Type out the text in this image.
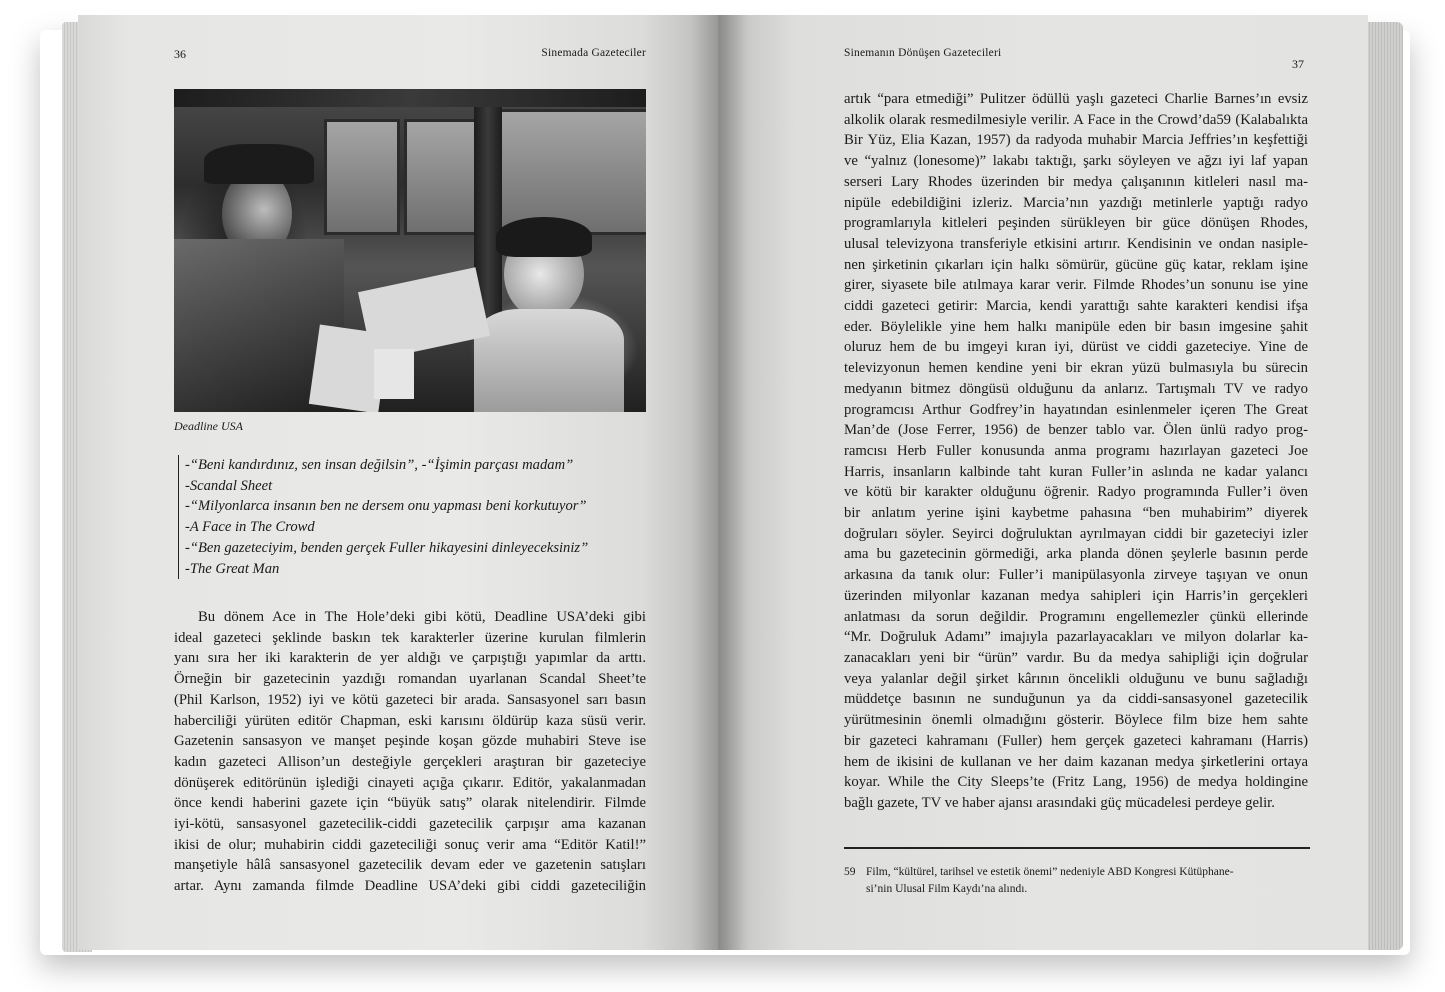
36	Sinemada Gazeteciler
Deadline USA
-“Beni kandırdınız, sen insan değilsin”, -“İşimin parçası madam”
-Scandal Sheet
-“Milyonlarca insanın ben ne dersem onu yapması beni korkutuyor”
-A Face in The Crowd
-“Ben gazeteciyim, benden gerçek Fuller hikayesini dinleyeceksiniz”
-The Great Man
Bu dönem Ace in The Hole’deki gibi kötü, Deadline USA’deki gibi
ideal gazeteci şeklinde baskın tek karakterler üzerine kurulan filmlerin
yanı sıra her iki karakterin de yer aldığı ve çarpıştığı yapımlar da arttı.
Örneğin bir gazetecinin yazdığı romandan uyarlanan Scandal Sheet’te
(Phil Karlson, 1952) iyi ve kötü gazeteci bir arada. Sansasyonel sarı basın
haberciliği yürüten editör Chapman, eski karısını öldürüp kaza süsü verir.
Gazetenin sansasyon ve manşet peşinde koşan gözde muhabiri Steve ise
kadın gazeteci Allison’un desteğiyle gerçekleri araştıran bir gazeteciye
dönüşerek editörünün işlediği cinayeti açığa çıkarır. Editör, yakalanmadan
önce kendi haberini gazete için “büyük satış” olarak nitelendirir. Filmde
iyi-kötü, sansasyonel gazetecilik-ciddi gazetecilik çarpışır ama kazanan
ikisi de olur; muhabirin ciddi gazeteciliği sonuç verir ama “Editör Katil!”
manşetiyle hâlâ sansasyonel gazetecilik devam eder ve gazetenin satışları
artar. Aynı zamanda filmde Deadline USA’deki gibi ciddi gazeteciliğin
Sinemanın Dönüşen Gazetecileri
37
artık “para etmediği” Pulitzer ödüllü yaşlı gazeteci Charlie Barnes’ın evsiz
alkolik olarak resmedilmesiyle verilir. A Face in the Crowd’da59 (Kalabalıkta
Bir Yüz, Elia Kazan, 1957) da radyoda muhabir Marcia Jeffries’ın keşfettiği
ve “yalnız (lonesome)” lakabı taktığı, şarkı söyleyen ve ağzı iyi laf yapan
serseri Lary Rhodes üzerinden bir medya çalışanının kitleleri nasıl ma-
nipüle edebildiğini izleriz. Marcia’nın yazdığı metinlerle yaptığı radyo
programlarıyla kitleleri peşinden sürükleyen bir güce dönüşen Rhodes,
ulusal televizyona transferiyle etkisini artırır. Kendisinin ve ondan nasiple-
nen şirketinin çıkarları için halkı sömürür, gücüne güç katar, reklam işine
girer, siyasete bile atılmaya karar verir. Filmde Rhodes’un sonunu ise yine
ciddi gazeteci getirir: Marcia, kendi yarattığı sahte karakteri kendisi ifşa
eder. Böylelikle yine hem halkı manipüle eden bir basın imgesine şahit
oluruz hem de bu imgeyi kıran iyi, dürüst ve ciddi gazeteciye. Yine de
televizyonun hemen kendine yeni bir ekran yüzü bulmasıyla bu sürecin
medyanın bitmez döngüsü olduğunu da anlarız. Tartışmalı TV ve radyo
programcısı Arthur Godfrey’in hayatından esinlenmeler içeren The Great
Man’de (Jose Ferrer, 1956) de benzer tablo var. Ölen ünlü radyo prog-
ramcısı Herb Fuller konusunda anma programı hazırlayan gazeteci Joe
Harris, insanların kalbinde taht kuran Fuller’in aslında ne kadar yalancı
ve kötü bir karakter olduğunu öğrenir. Radyo programında Fuller’i öven
bir anlatım yerine işini kaybetme pahasına “ben muhabirim” diyerek
doğruları söyler. Seyirci doğruluktan ayrılmayan ciddi bir gazeteciyi izler
ama bu gazetecinin görmediği, arka planda dönen şeylerle basının perde
arkasına da tanık olur: Fuller’i manipülasyonla zirveye taşıyan ve onun
üzerinden milyonlar kazanan medya sahipleri için Harris’in gerçekleri
anlatması da sorun değildir. Programını engellemezler çünkü ellerinde
“Mr. Doğruluk Adamı” imajıyla pazarlayacakları ve milyon dolarlar ka-
zanacakları yeni bir “ürün” vardır. Bu da medya sahipliği için doğrular
veya yalanlar değil şirket kârının öncelikli olduğunu ve bunu sağladığı
müddetçe basının ne sunduğunun ya da ciddi-sansasyonel gazetecilik
yürütmesinin önemli olmadığını gösterir. Böylece film bize hem sahte
bir gazeteci kahramanı (Fuller) hem gerçek gazeteci kahramanı (Harris)
hem de ikisini de kullanan ve her daim kazanan medya şirketlerini ortaya
koyar. While the City Sleeps’te (Fritz Lang, 1956) de medya holdingine
bağlı gazete, TV ve haber ajansı arasındaki güç mücadelesi perdeye gelir.
59 Film, “kültürel, tarihsel ve estetik önemi” nedeniyle ABD Kongresi Kütüphane-
si’nin Ulusal Film Kaydı’na alındı.
